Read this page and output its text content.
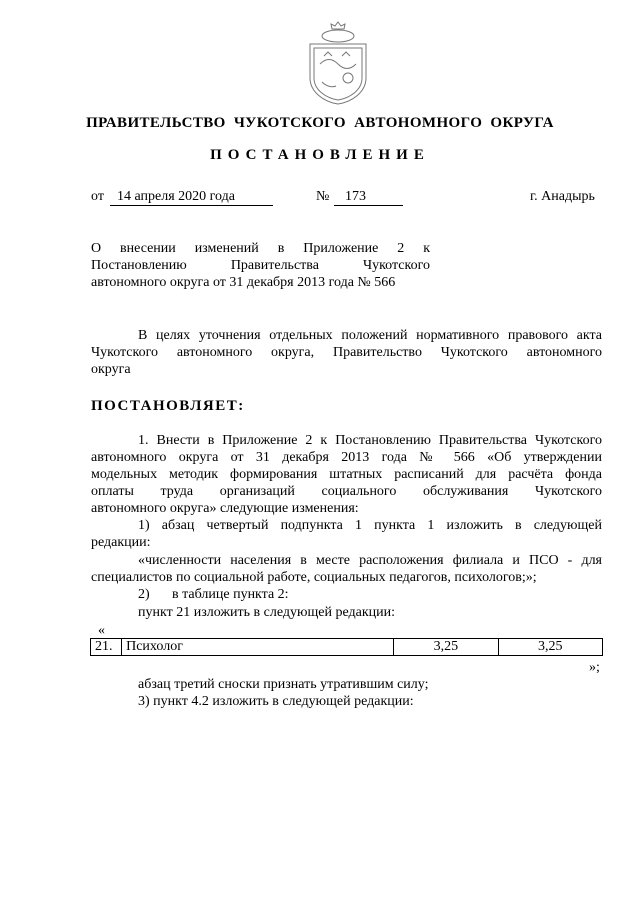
ПРАВИТЕЛЬСТВО ЧУКОТСКОГО АВТОНОМНОГО ОКРУГА
ПОСТАНОВЛЕНИЕ
от 14 апреля 2020 года	№ 173	г. Анадырь
О внесении изменений в Приложение 2 к
Постановлению Правительства Чукотского
автономного округа от 31 декабря 2013 года № 566
В целях уточнения отдельных положений нормативного правового акта
Чукотского автономного округа, Правительство Чукотского автономного
округа
ПОСТАНОВЛЯЕТ:
1. Внести в Приложение 2 к Постановлению Правительства Чукотского
автономного округа от 31 декабря 2013 года № 566 «Об утверждении
модельных методик формирования штатных расписаний для расчёта фонда
оплаты труда организаций социального обслуживания Чукотского
автономного округа» следующие изменения:
1) абзац четвертый подпункта 1 пункта 1 изложить в следующей
редакции:
«численности населения в месте расположения филиала и ПСО - для
специалистов по социальной работе, социальных педагогов, психологов;»;
2) в таблице пункта 2:
пункт 21 изложить в следующей редакции:
«
21.	Психолог	3,25	3,25
»;
абзац третий сноски признать утратившим силу;
3) пункт 4.2 изложить в следующей редакции:
